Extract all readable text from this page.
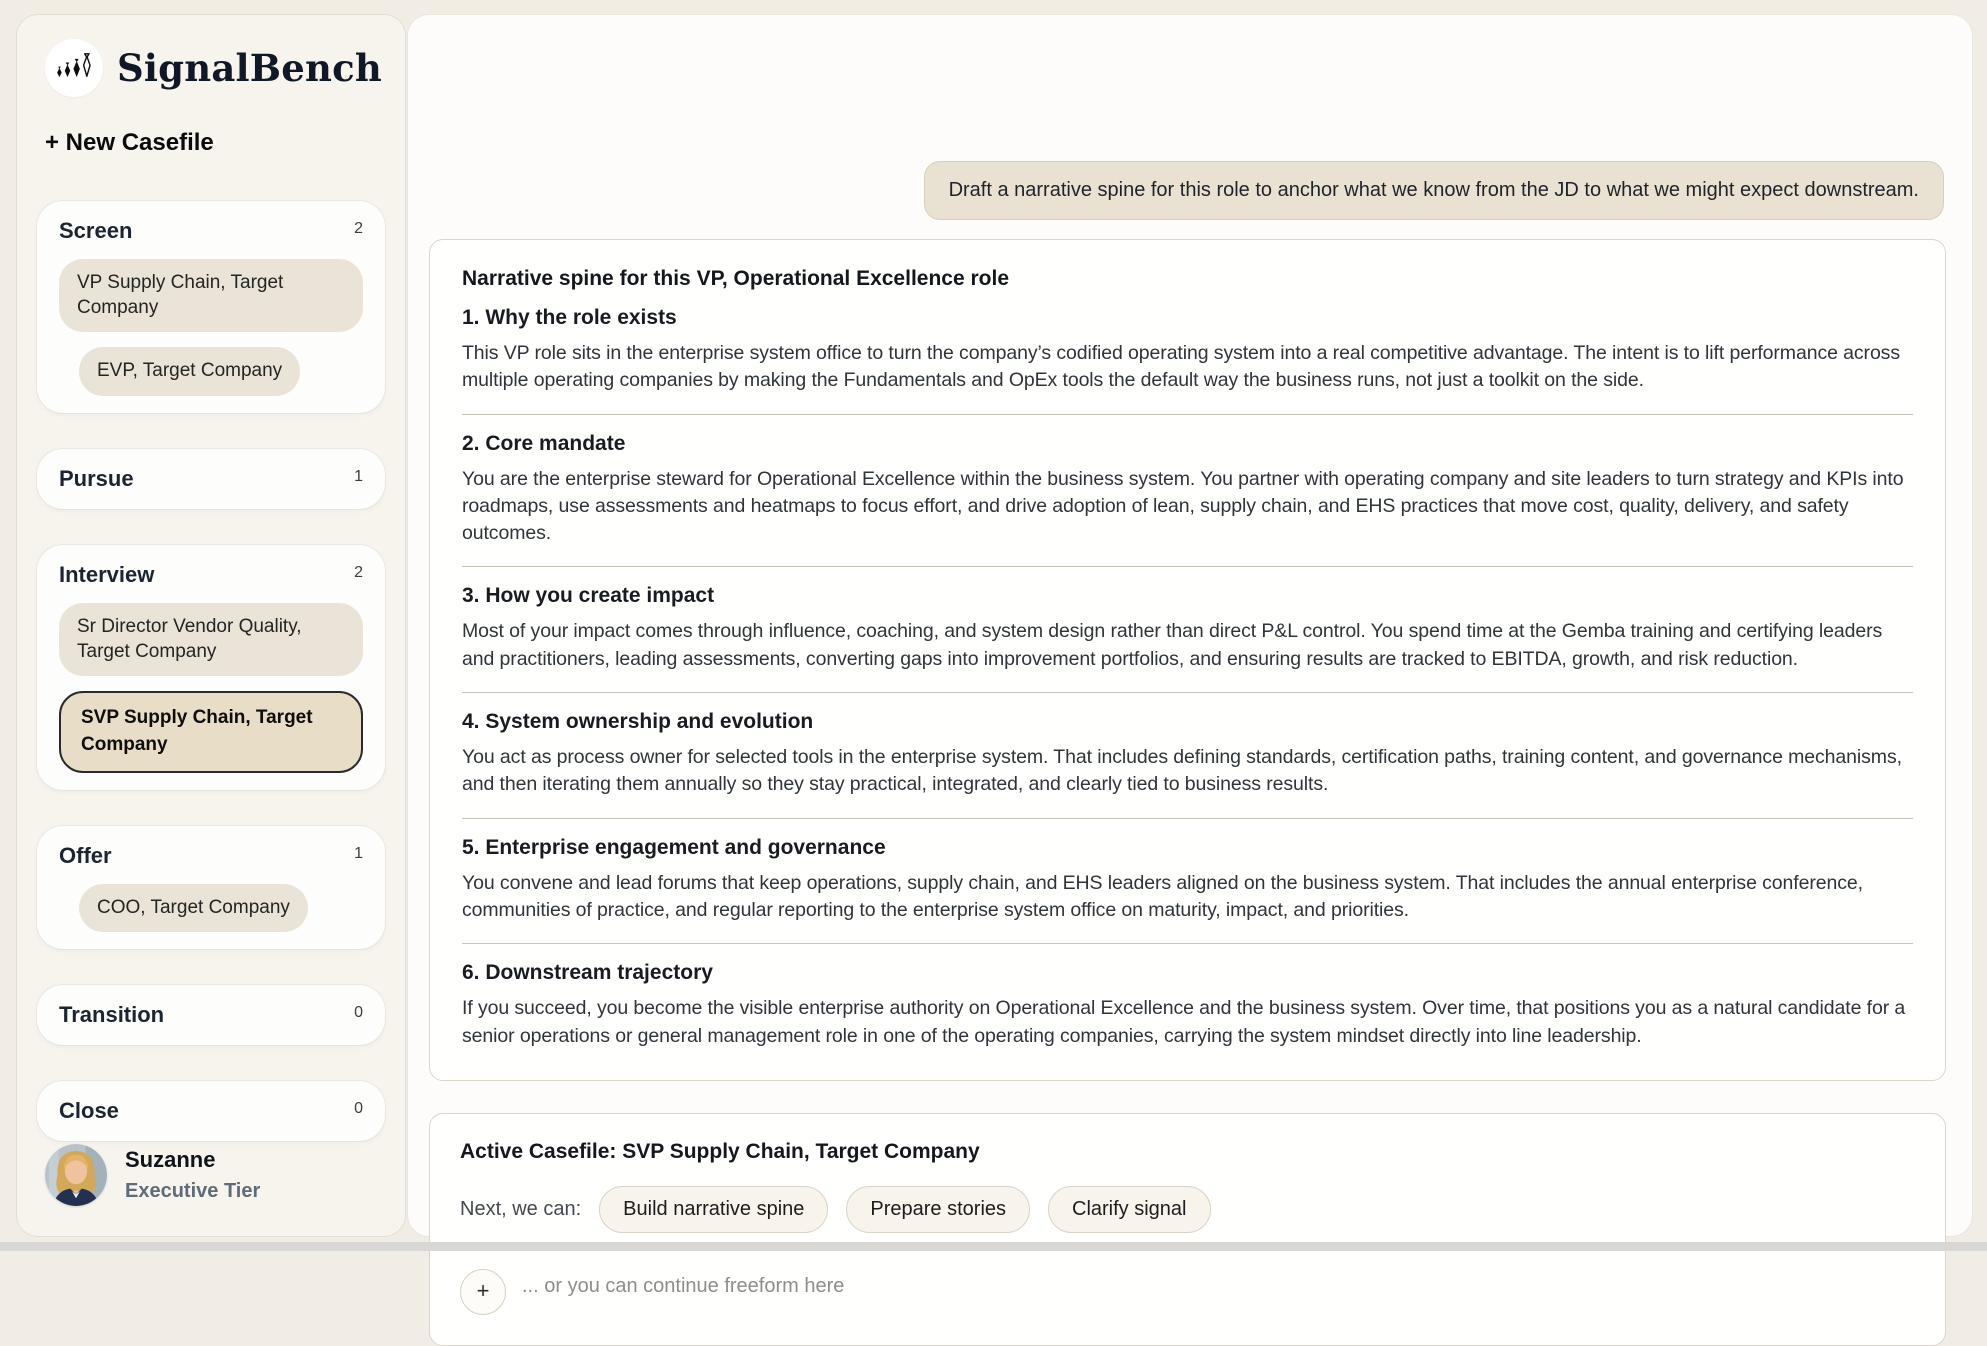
SignalBench
+ New Casefile
Screen	2
VP Supply Chain, Target Company
EVP, Target Company
Pursue	1
Interview	2
Sr Director Vendor Quality, Target Company
SVP Supply Chain, Target Company
Offer	1
COO, Target Company
Transition	0
Close	0
Suzanne
Executive Tier
Draft a narrative spine for this role to anchor what we know from the JD to what we might expect downstream.
Narrative spine for this VP, Operational Excellence role
1. Why the role exists

This VP role sits in the enterprise system office to turn the company’s codified operating system into a real competitive advantage. The intent is to lift performance across multiple operating companies by making the Fundamentals and OpEx tools the default way the business runs, not just a toolkit on the side.

2. Core mandate

You are the enterprise steward for Operational Excellence within the business system. You partner with operating company and site leaders to turn strategy and KPIs into roadmaps, use assessments and heatmaps to focus effort, and drive adoption of lean, supply chain, and EHS practices that move cost, quality, delivery, and safety outcomes.

3. How you create impact

Most of your impact comes through influence, coaching, and system design rather than direct P&L control. You spend time at the Gemba training and certifying leaders and practitioners, leading assessments, converting gaps into improvement portfolios, and ensuring results are tracked to EBITDA, growth, and risk reduction.

4. System ownership and evolution

You act as process owner for selected tools in the enterprise system. That includes defining standards, certification paths, training content, and governance mechanisms, and then iterating them annually so they stay practical, integrated, and clearly tied to business results.

5. Enterprise engagement and governance

You convene and lead forums that keep operations, supply chain, and EHS leaders aligned on the business system. That includes the annual enterprise conference, communities of practice, and regular reporting to the enterprise system office on maturity, impact, and priorities.

6. Downstream trajectory

If you succeed, you become the visible enterprise authority on Operational Excellence and the business system. Over time, that positions you as a natural candidate for a senior operations or general management role in one of the operating companies, carrying the system mindset directly into line leadership.

Active Casefile: SVP Supply Chain, Target Company
Next, we can:	Build narrative spine	Prepare stories	Clarify signal
+	... or you can continue freeform here
